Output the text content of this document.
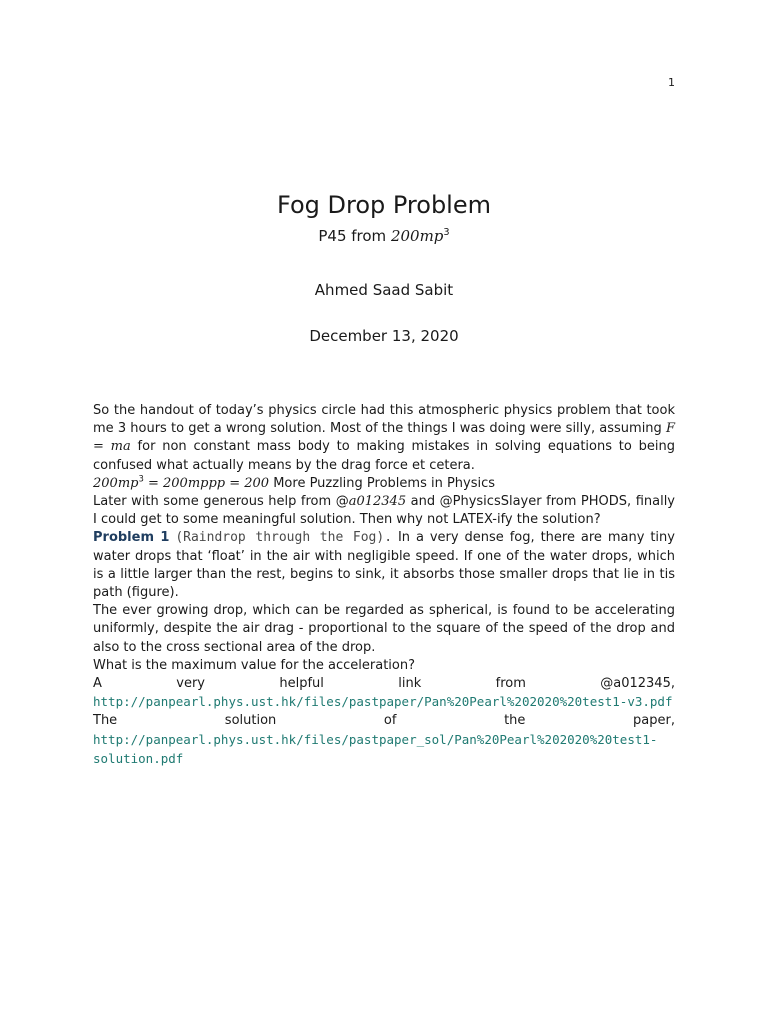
1
Fog Drop Problem
P45 from $200mp^3$
Ahmed Saad Sabit
December 13, 2020

So the handout of today’s physics circle had this atmospheric physics problem that took me 3 hours to get a wrong solution. Most of the things I was doing were silly, assuming F = ma for non constant mass body to making mistakes in solving equations to being confused what actually means by the drag force et cetera.

$200mp^3$ = 200mppp = 200 More Puzzling Problems in Physics

Later with some generous help from @a012345 and @PhysicsSlayer from PHODS, finally I could get to some meaningful solution. Then why not LATEX-ify the solution?

Problem 1 (Raindrop through the Fog). In a very dense fog, there are many tiny water drops that ‘float’ in the air with negligible speed. If one of the water drops, which is a little larger than the rest, begins to sink, it absorbs those smaller drops that lie in tis path (figure).

The ever growing drop, which can be regarded as spherical, is found to be accelerating uniformly, despite the air drag - proportional to the square of the speed of the drop and also to the cross sectional area of the drop.

What is the maximum value for the acceleration?

A very helpful link from @a012345, http://panpearl.phys.ust.hk/files/pastpaper/Pan%20Pearl%202020%20test1-v3.pdf

The solution of the paper, http://panpearl.phys.ust.hk/files/pastpaper_sol/Pan%20Pearl%202020%20test1-solution.pdf
